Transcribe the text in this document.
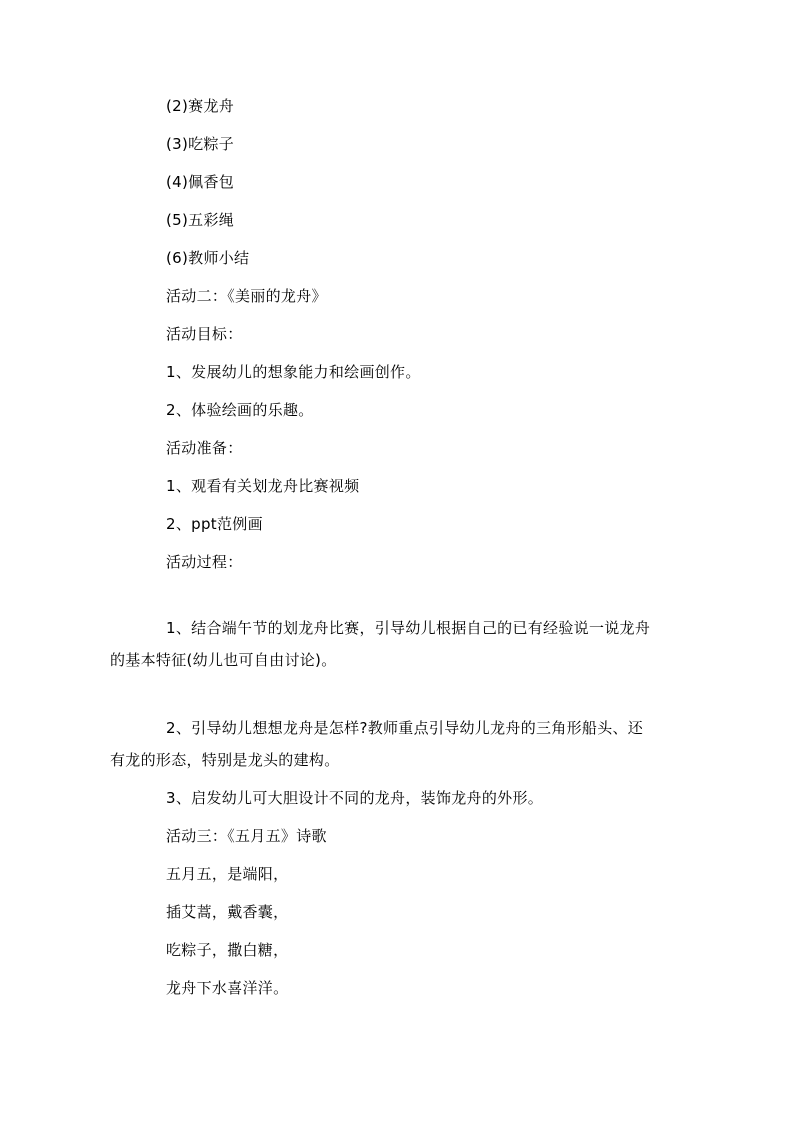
(2)赛龙舟
(3)吃粽子
(4)佩香包
(5)五彩绳
(6)教师小结
活动二：《美丽的龙舟》
活动目标：
1、发展幼儿的想象能力和绘画创作。
2、体验绘画的乐趣。
活动准备：
1、观看有关划龙舟比赛视频
2、ppt范例画
活动过程：
1、结合端午节的划龙舟比赛，引导幼儿根据自己的已有经验说一说龙舟
的基本特征(幼儿也可自由讨论)。
2、引导幼儿想想龙舟是怎样?教师重点引导幼儿龙舟的三角形船头、还
有龙的形态，特别是龙头的建构。
3、启发幼儿可大胆设计不同的龙舟，装饰龙舟的外形。
活动三：《五月五》诗歌
五月五，是端阳，
插艾蒿，戴香囊，
吃粽子，撒白糖，
龙舟下水喜洋洋。
